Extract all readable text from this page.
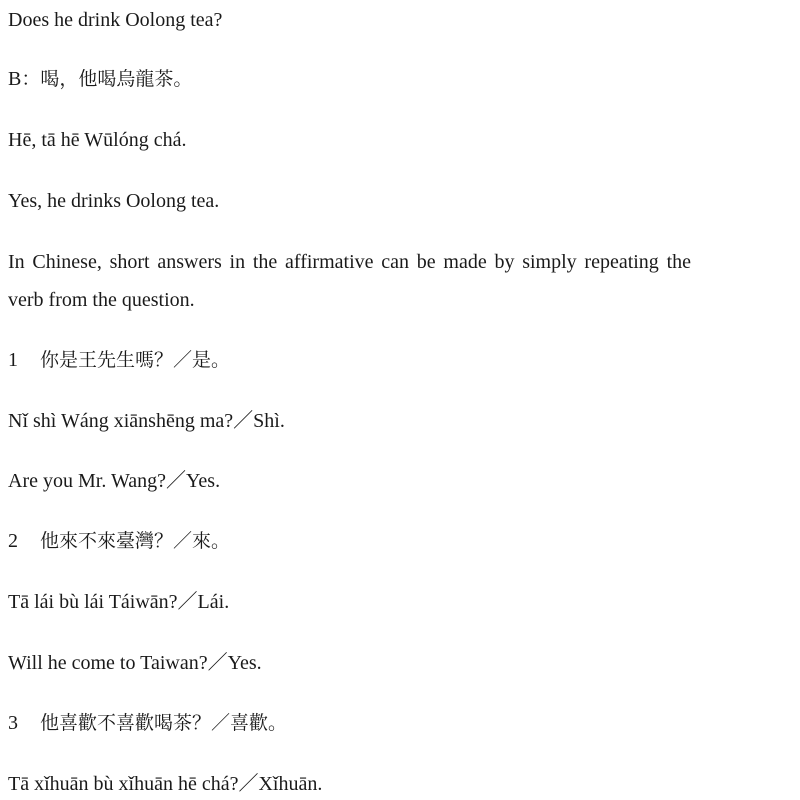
Does he drink Oolong tea?
B：喝，他喝烏龍茶。
Hē, tā hē Wūlóng chá.
Yes, he drinks Oolong tea.
In Chinese, short answers in the affirmative can be made by simply repeating the verb from the question.
1 你是王先生嗎？／是。
Nǐ shì Wáng xiānshēng ma?／Shì.
Are you Mr. Wang?／Yes.
2 他來不來臺灣？／來。
Tā lái bù lái Táiwān?／Lái.
Will he come to Taiwan?／Yes.
3 他喜歡不喜歡喝茶？／喜歡。
Tā xǐhuān bù xǐhuān hē chá?／Xǐhuān.
